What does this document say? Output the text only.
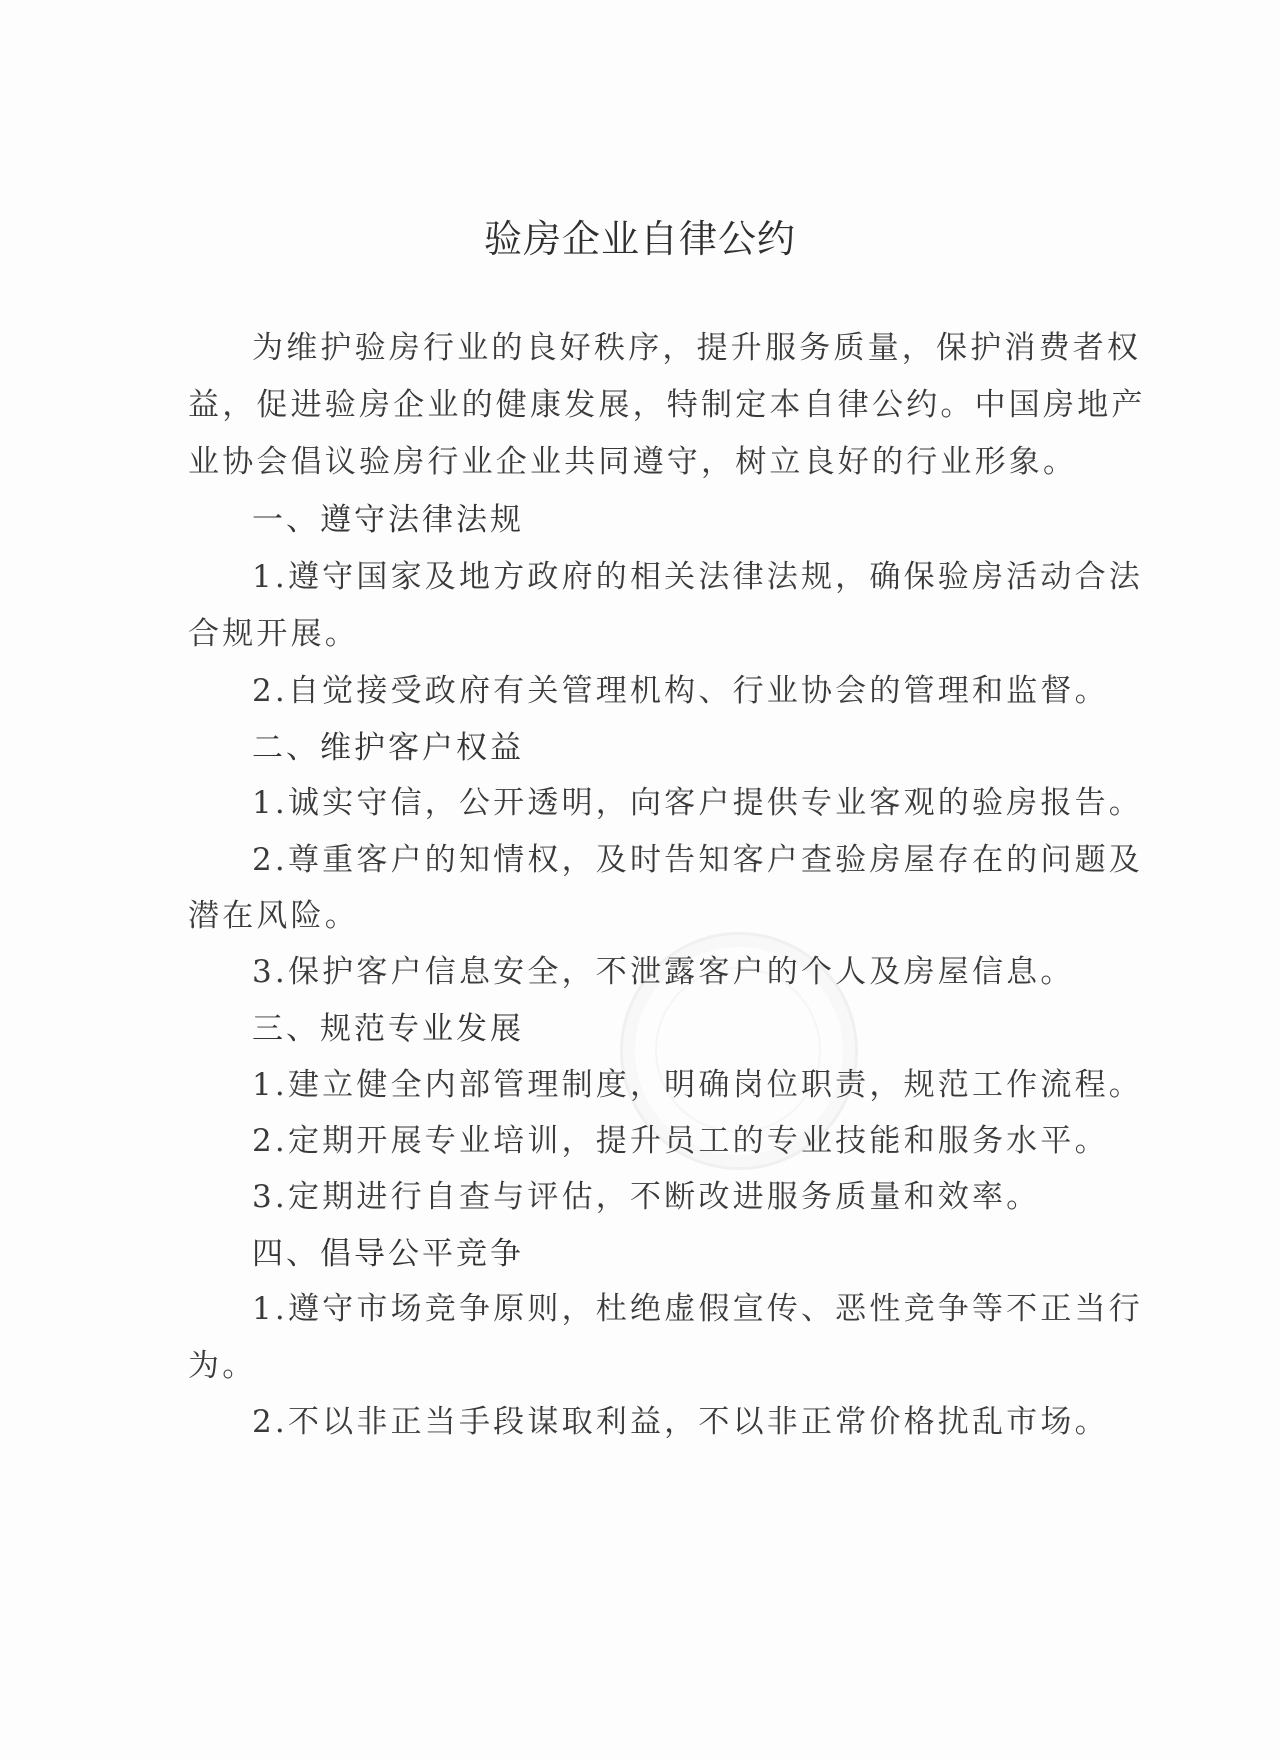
验房企业自律公约
为维护验房行业的良好秩序，提升服务质量，保护消费者权
益，促进验房企业的健康发展，特制定本自律公约。中国房地产
业协会倡议验房行业企业共同遵守，树立良好的行业形象。
一、遵守法律法规
1.遵守国家及地方政府的相关法律法规，确保验房活动合法
合规开展。
2.自觉接受政府有关管理机构、行业协会的管理和监督。
二、维护客户权益
1.诚实守信，公开透明，向客户提供专业客观的验房报告。
2.尊重客户的知情权，及时告知客户查验房屋存在的问题及
潜在风险。
3.保护客户信息安全，不泄露客户的个人及房屋信息。
三、规范专业发展
1.建立健全内部管理制度，明确岗位职责，规范工作流程。
2.定期开展专业培训，提升员工的专业技能和服务水平。
3.定期进行自查与评估，不断改进服务质量和效率。
四、倡导公平竞争
1.遵守市场竞争原则，杜绝虚假宣传、恶性竞争等不正当行
为。
2.不以非正当手段谋取利益，不以非正常价格扰乱市场。
